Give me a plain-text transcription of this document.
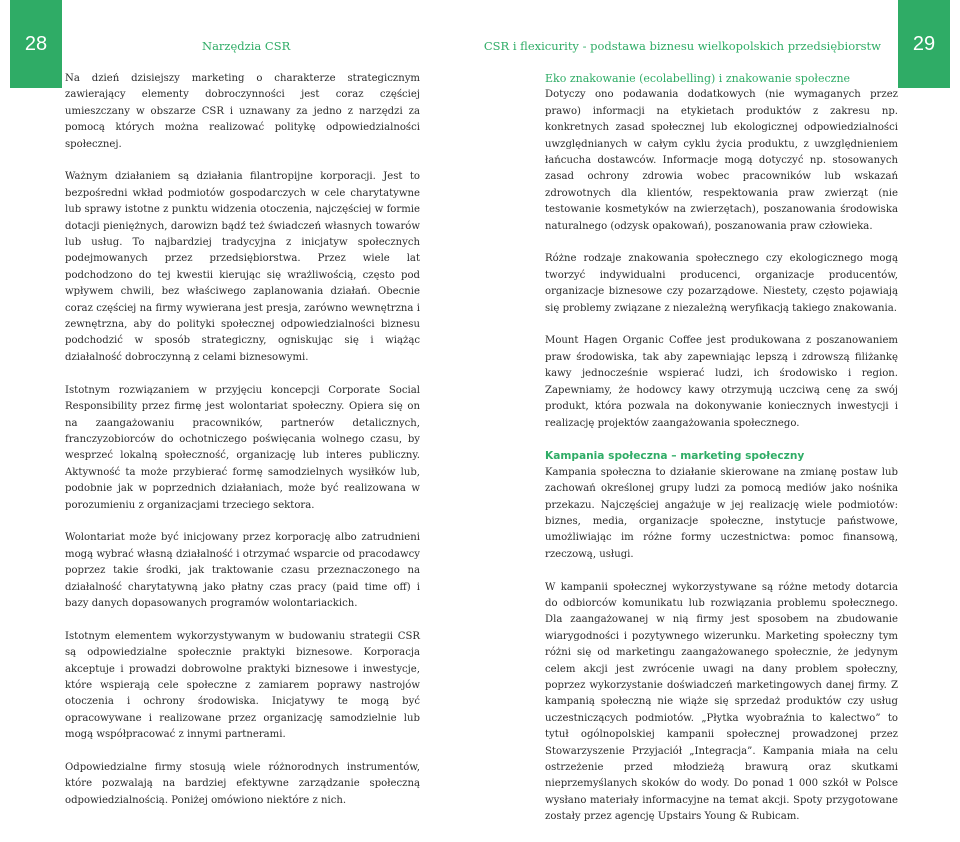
28	Narzędzia CSR	CSR i flexicurity - podstawa biznesu wielkopolskich przedsiębiorstw	29

Na dzień dzisiejszy marketing o charakterze strategicznym zawierający elementy dobroczynności jest coraz częściej umieszczany w obszarze CSR i uznawany za jedno z narzędzi za pomocą których można realizować politykę odpowiedzialności społecznej.

Ważnym działaniem są działania filantropijne korporacji. Jest to bezpośredni wkład podmiotów gospodarczych w cele charytatywne lub sprawy istotne z punktu widzenia otoczenia, najczęściej w formie dotacji pieniężnych, darowizn bądź też świadczeń własnych towarów lub usług. To najbardziej tradycyjna z inicjatyw społecznych podejmowanych przez przedsiębiorstwa. Przez wiele lat podchodzono do tej kwestii kierując się wrażliwością, często pod wpływem chwili, bez właściwego zaplanowania działań. Obecnie coraz częściej na firmy wywierana jest presja, zarówno wewnętrzna i zewnętrzna, aby do polityki społecznej odpowiedzialności biznesu podchodzić w sposób strategiczny, ogniskując się i wiążąc działalność dobroczynną z celami biznesowymi.

Istotnym rozwiązaniem w przyjęciu koncepcji Corporate Social Responsibility przez firmę jest wolontariat społeczny. Opiera się on na zaangażowaniu pracowników, partnerów detalicznych, franczyzobiorców do ochotniczego poświęcania wolnego czasu, by wesprzeć lokalną społeczność, organizację lub interes publiczny. Aktywność ta może przybierać formę samodzielnych wysiłków lub, podobnie jak w poprzednich działaniach, może być realizowana w porozumieniu z organizacjami trzeciego sektora.

Wolontariat może być inicjowany przez korporację albo zatrudnieni mogą wybrać własną działalność i otrzymać wsparcie od pracodawcy poprzez takie środki, jak traktowanie czasu przeznaczonego na działalność charytatywną jako płatny czas pracy (paid time off) i bazy danych dopasowanych programów wolontariackich.

Istotnym elementem wykorzystywanym w budowaniu strategii CSR są odpowiedzialne społecznie praktyki biznesowe. Korporacja akceptuje i prowadzi dobrowolne praktyki biznesowe i inwestycje, które wspierają cele społeczne z zamiarem poprawy nastrojów otoczenia i ochrony środowiska. Inicjatywy te mogą być opracowywane i realizowane przez organizację samodzielnie lub mogą współpracować z innymi partnerami.

Odpowiedzialne firmy stosują wiele różnorodnych instrumentów, które pozwalają na bardziej efektywne zarządzanie społeczną odpowiedzialnością. Poniżej omówiono niektóre z nich.

Eko znakowanie (ecolabelling) i znakowanie społeczne

Dotyczy ono podawania dodatkowych (nie wymaganych przez prawo) informacji na etykietach produktów z zakresu np. konkretnych zasad społecznej lub ekologicznej odpowiedzialności uwzględnianych w całym cyklu życia produktu, z uwzględnieniem łańcucha dostawców. Informacje mogą dotyczyć np. stosowanych zasad ochrony zdrowia wobec pracowników lub wskazań zdrowotnych dla klientów, respektowania praw zwierząt (nie testowanie kosmetyków na zwierzętach), poszanowania środowiska naturalnego (odzysk opakowań), poszanowania praw człowieka.

Różne rodzaje znakowania społecznego czy ekologicznego mogą tworzyć indywidualni producenci, organizacje producentów, organizacje biznesowe czy pozarządowe. Niestety, często pojawiają się problemy związane z niezależną weryfikacją takiego znakowania.

Mount Hagen Organic Coffee jest produkowana z poszanowaniem praw środowiska, tak aby zapewniając lepszą i zdrowszą filiżankę kawy jednocześnie wspierać ludzi, ich środowisko i region. Zapewniamy, że hodowcy kawy otrzymują uczciwą cenę za swój produkt, która pozwala na dokonywanie koniecznych inwestycji i realizację projektów zaangażowania społecznego.

Kampania społeczna – marketing społeczny

Kampania społeczna to działanie skierowane na zmianę postaw lub zachowań określonej grupy ludzi za pomocą mediów jako nośnika przekazu. Najczęściej angażuje w jej realizację wiele podmiotów: biznes, media, organizacje społeczne, instytucje państwowe, umożliwiając im różne formy uczestnictwa: pomoc finansową, rzeczową, usługi.

W kampanii społecznej wykorzystywane są różne metody dotarcia do odbiorców komunikatu lub rozwiązania problemu społecznego. Dla zaangażowanej w nią firmy jest sposobem na zbudowanie wiarygodności i pozytywnego wizerunku. Marketing społeczny tym różni się od marketingu zaangażowanego społecznie, że jedynym celem akcji jest zwrócenie uwagi na dany problem społeczny, poprzez wykorzystanie doświadczeń marketingowych danej firmy. Z kampanią społeczną nie wiąże się sprzedaż produktów czy usług uczestniczących podmiotów. „Płytka wyobraźnia to kalectwo” to tytuł ogólnopolskiej kampanii społecznej prowadzonej przez Stowarzyszenie Przyjaciół „Integracja”. Kampania miała na celu ostrzeżenie przed młodzieżą brawurą oraz skutkami nieprzemyślanych skoków do wody. Do ponad 1 000 szkół w Polsce wysłano materiały informacyjne na temat akcji. Spoty przygotowane zostały przez agencję Upstairs Young & Rubicam.
